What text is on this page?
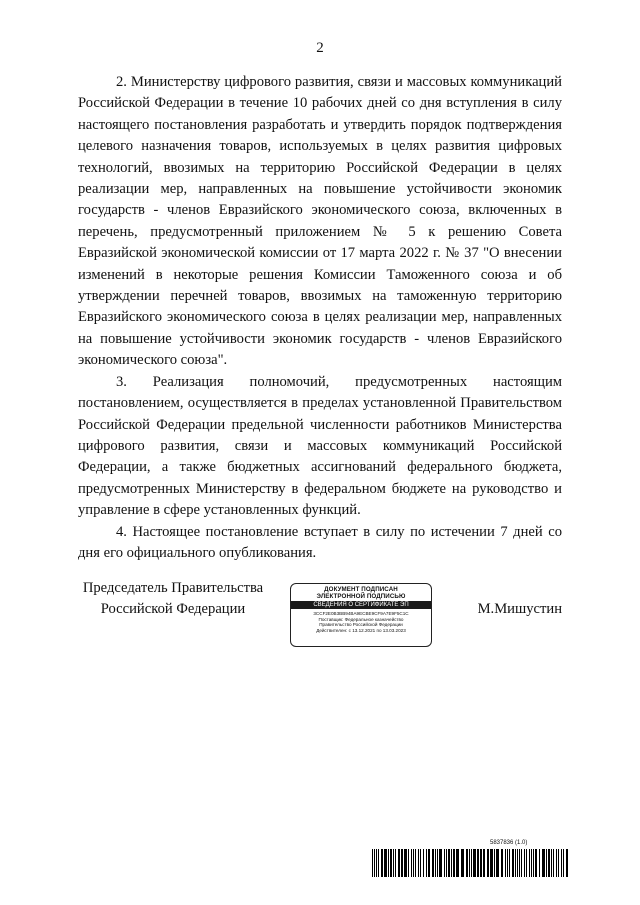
2

2. Министерству цифрового развития, связи и массовых коммуникаций Российской Федерации в течение 10 рабочих дней со дня вступления в силу настоящего постановления разработать и утвердить порядок подтверждения целевого назначения товаров, используемых в целях развития цифровых технологий, ввозимых на территорию Российской Федерации в целях реализации мер, направленных на повышение устойчивости экономик государств - членов Евразийского экономического союза, включенных в перечень, предусмотренный приложением № 5 к решению Совета Евразийской экономической комиссии от 17 марта 2022 г. № 37 "О внесении изменений в некоторые решения Комиссии Таможенного союза и об утверждении перечней товаров, ввозимых на таможенную территорию Евразийского экономического союза в целях реализации мер, направленных на повышение устойчивости экономик государств - членов Евразийского экономического союза".

3. Реализация полномочий, предусмотренных настоящим постановлением, осуществляется в пределах установленной Правительством Российской Федерации предельной численности работников Министерства цифрового развития, связи и массовых коммуникаций Российской Федерации, а также бюджетных ассигнований федерального бюджета, предусмотренных Министерству в федеральном бюджете на руководство и управление в сфере установленных функций.

4. Настоящее постановление вступает в силу по истечении 7 дней со дня его официального опубликования.

Председатель Правительства
Российской Федерации
ДОКУМЕНТ ПОДПИСАН
ЭЛЕКТРОННОЙ ПОДПИСЬЮ
СВЕДЕНИЯ О СЕРТИФИКАТЕ ЭП
3CCF2E0B3BB94BA9ECBE9CF9A7E9F5C1C
Поставщик: Федеральное казначейство
Правительство Российской Федерации
Действителен: с 13.12.2021 по 13.03.2023
М.Мишустин
5837836 (1.0)
